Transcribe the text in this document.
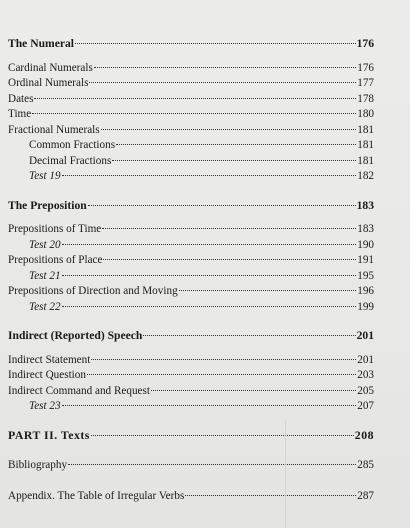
The Numeral	176
Cardinal Numerals	176
Ordinal Numerals	177
Dates	178
Time	180
Fractional Numerals	181
Common Fractions	181
Decimal Fractions	181
Test 19	182
The Preposition	183
Prepositions of Time	183
Test 20	190
Prepositions of Place	191
Test 21	195
Prepositions of Direction and Moving	196
Test 22	199
Indirect (Reported) Speech	201
Indirect Statement	201
Indirect Question	203
Indirect Command and Request	205
Test 23	207
PART II. Texts	208
Bibliography	285
Appendix. The Table of Irregular Verbs	287
